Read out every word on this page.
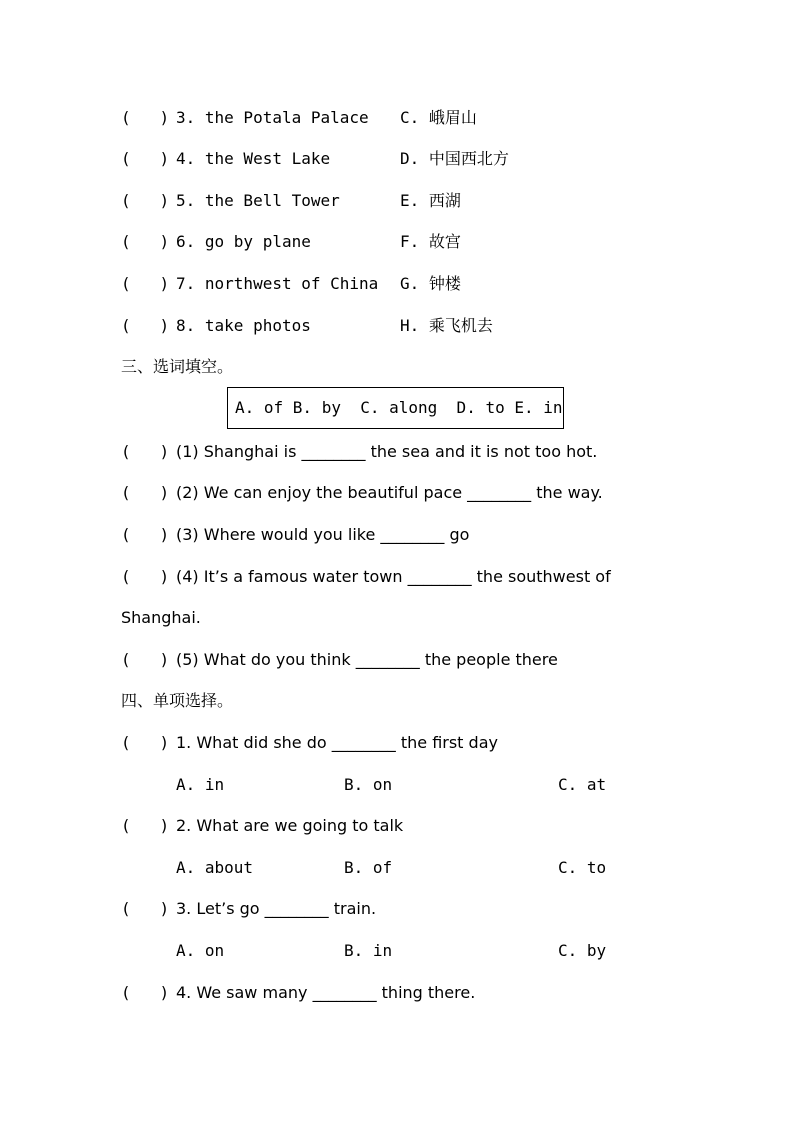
(   ) 3. the Potala Palace C. 峨眉山
(   ) 4. the West Lake	D. 中国西北方
(   ) 5. the Bell Tower	E. 西湖
(   ) 6. go by plane	F. 故宫
(   ) 7. northwest of China G. 钟楼
(   ) 8. take photos	H. 乘飞机去
三、选词填空。
A. of B. by  C. along  D. to E. in
(   ) (1) Shanghai is ________ the sea and it is not too hot.
(   ) (2) We can enjoy the beautiful pace ________ the way.
(   ) (3) Where would you like ________ go
(   ) (4) It’s a famous water town ________ the southwest of
Shanghai.
(   ) (5) What do you think ________ the people there
四、单项选择。
(   ) 1. What did she do ________ the first day
A. in	B. on	C. at
(   ) 2. What are we going to talk
A. about	B. of	C. to
(   ) 3. Let’s go ________ train.
A. on	B. in	C. by
(   ) 4. We saw many ________ thing there.
